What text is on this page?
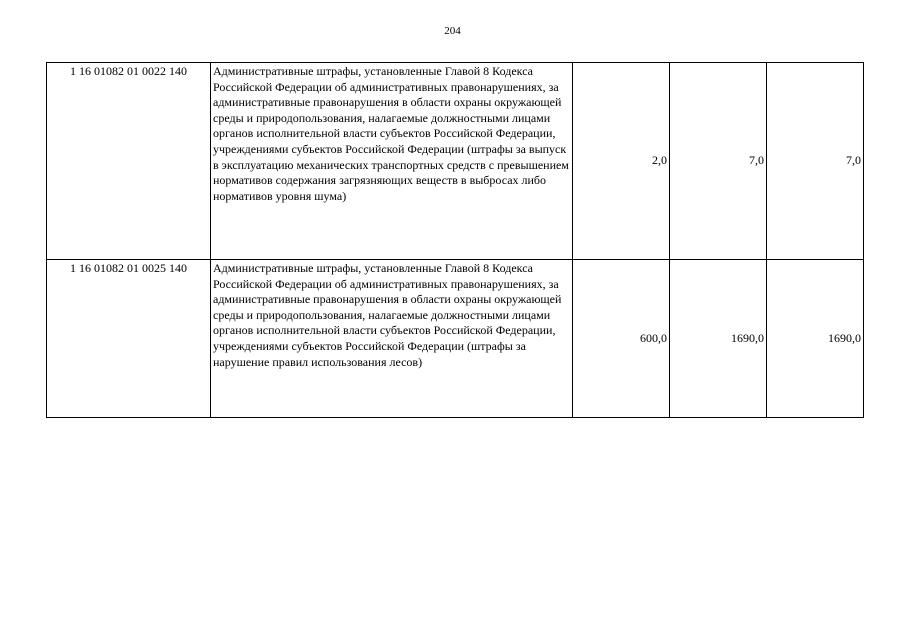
204
1 16 01082 01 0022 140	Административные штрафы, установленные Главой 8 Кодекса Российской Федерации об административных правонарушениях, за административные правонарушения в области охраны окружающей среды и природопользования, налагаемые должностными лицами органов исполнительной власти субъектов Российской Федерации, учреждениями субъектов Российской Федерации (штрафы за выпуск в эксплуатацию механических транспортных средств с превышением нормативов содержания загрязняющих веществ в выбросах либо нормативов уровня шума)	2,0	7,0	7,0
1 16 01082 01 0025 140	Административные штрафы, установленные Главой 8 Кодекса Российской Федерации об административных правонарушениях, за административные правонарушения в области охраны окружающей среды и природопользования, налагаемые должностными лицами органов исполнительной власти субъектов Российской Федерации, учреждениями субъектов Российской Федерации (штрафы за нарушение правил использования лесов)	600,0	1690,0	1690,0
